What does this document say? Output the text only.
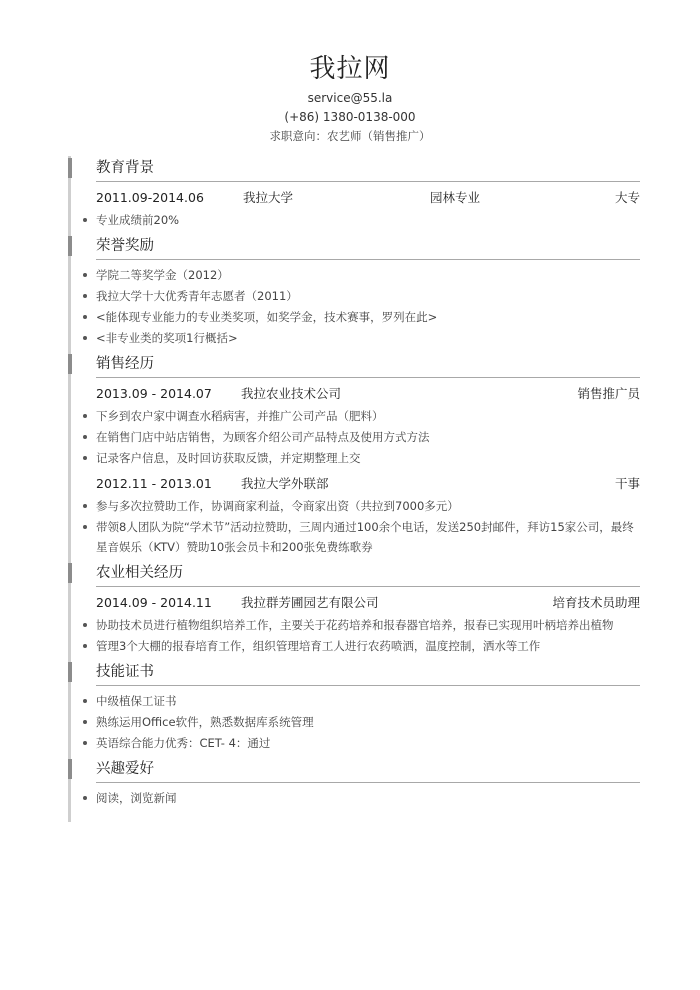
我拉网
service@55.la
(+86) 1380-0138-000
求职意向：农艺师（销售推广）
教育背景
2011.09-2014.06	我拉大学	园林专业	大专
专业成绩前20%
荣誉奖励
学院二等奖学金（2012）
我拉大学十大优秀青年志愿者（2011）
<能体现专业能力的专业类奖项，如奖学金，技术赛事，罗列在此>
<非专业类的奖项1行概括>
销售经历
2013.09 - 2014.07 我拉农业技术公司	销售推广员
下乡到农户家中调查水稻病害，并推广公司产品（肥料）
在销售门店中站店销售，为顾客介绍公司产品特点及使用方式方法
记录客户信息，及时回访获取反馈，并定期整理上交
2012.11 - 2013.01 我拉大学外联部	干事
参与多次拉赞助工作，协调商家利益，令商家出资（共拉到7000多元）
带领8人团队为院“学术节”活动拉赞助，三周内通过100余个电话，发送250封邮件，拜访15家公司，最终
星音娱乐（KTV）赞助10张会员卡和200张免费练歌券
农业相关经历
2014.09 - 2014.11 我拉群芳圃园艺有限公司	培育技术员助理
协助技术员进行植物组织培养工作，主要关于花药培养和报春器官培养，报春已实现用叶柄培养出植物
管理3个大棚的报春培育工作，组织管理培育工人进行农药喷洒，温度控制，洒水等工作
技能证书
中级植保工证书
熟练运用Office软件，熟悉数据库系统管理
英语综合能力优秀：CET- 4：通过
兴趣爱好
阅读，浏览新闻
